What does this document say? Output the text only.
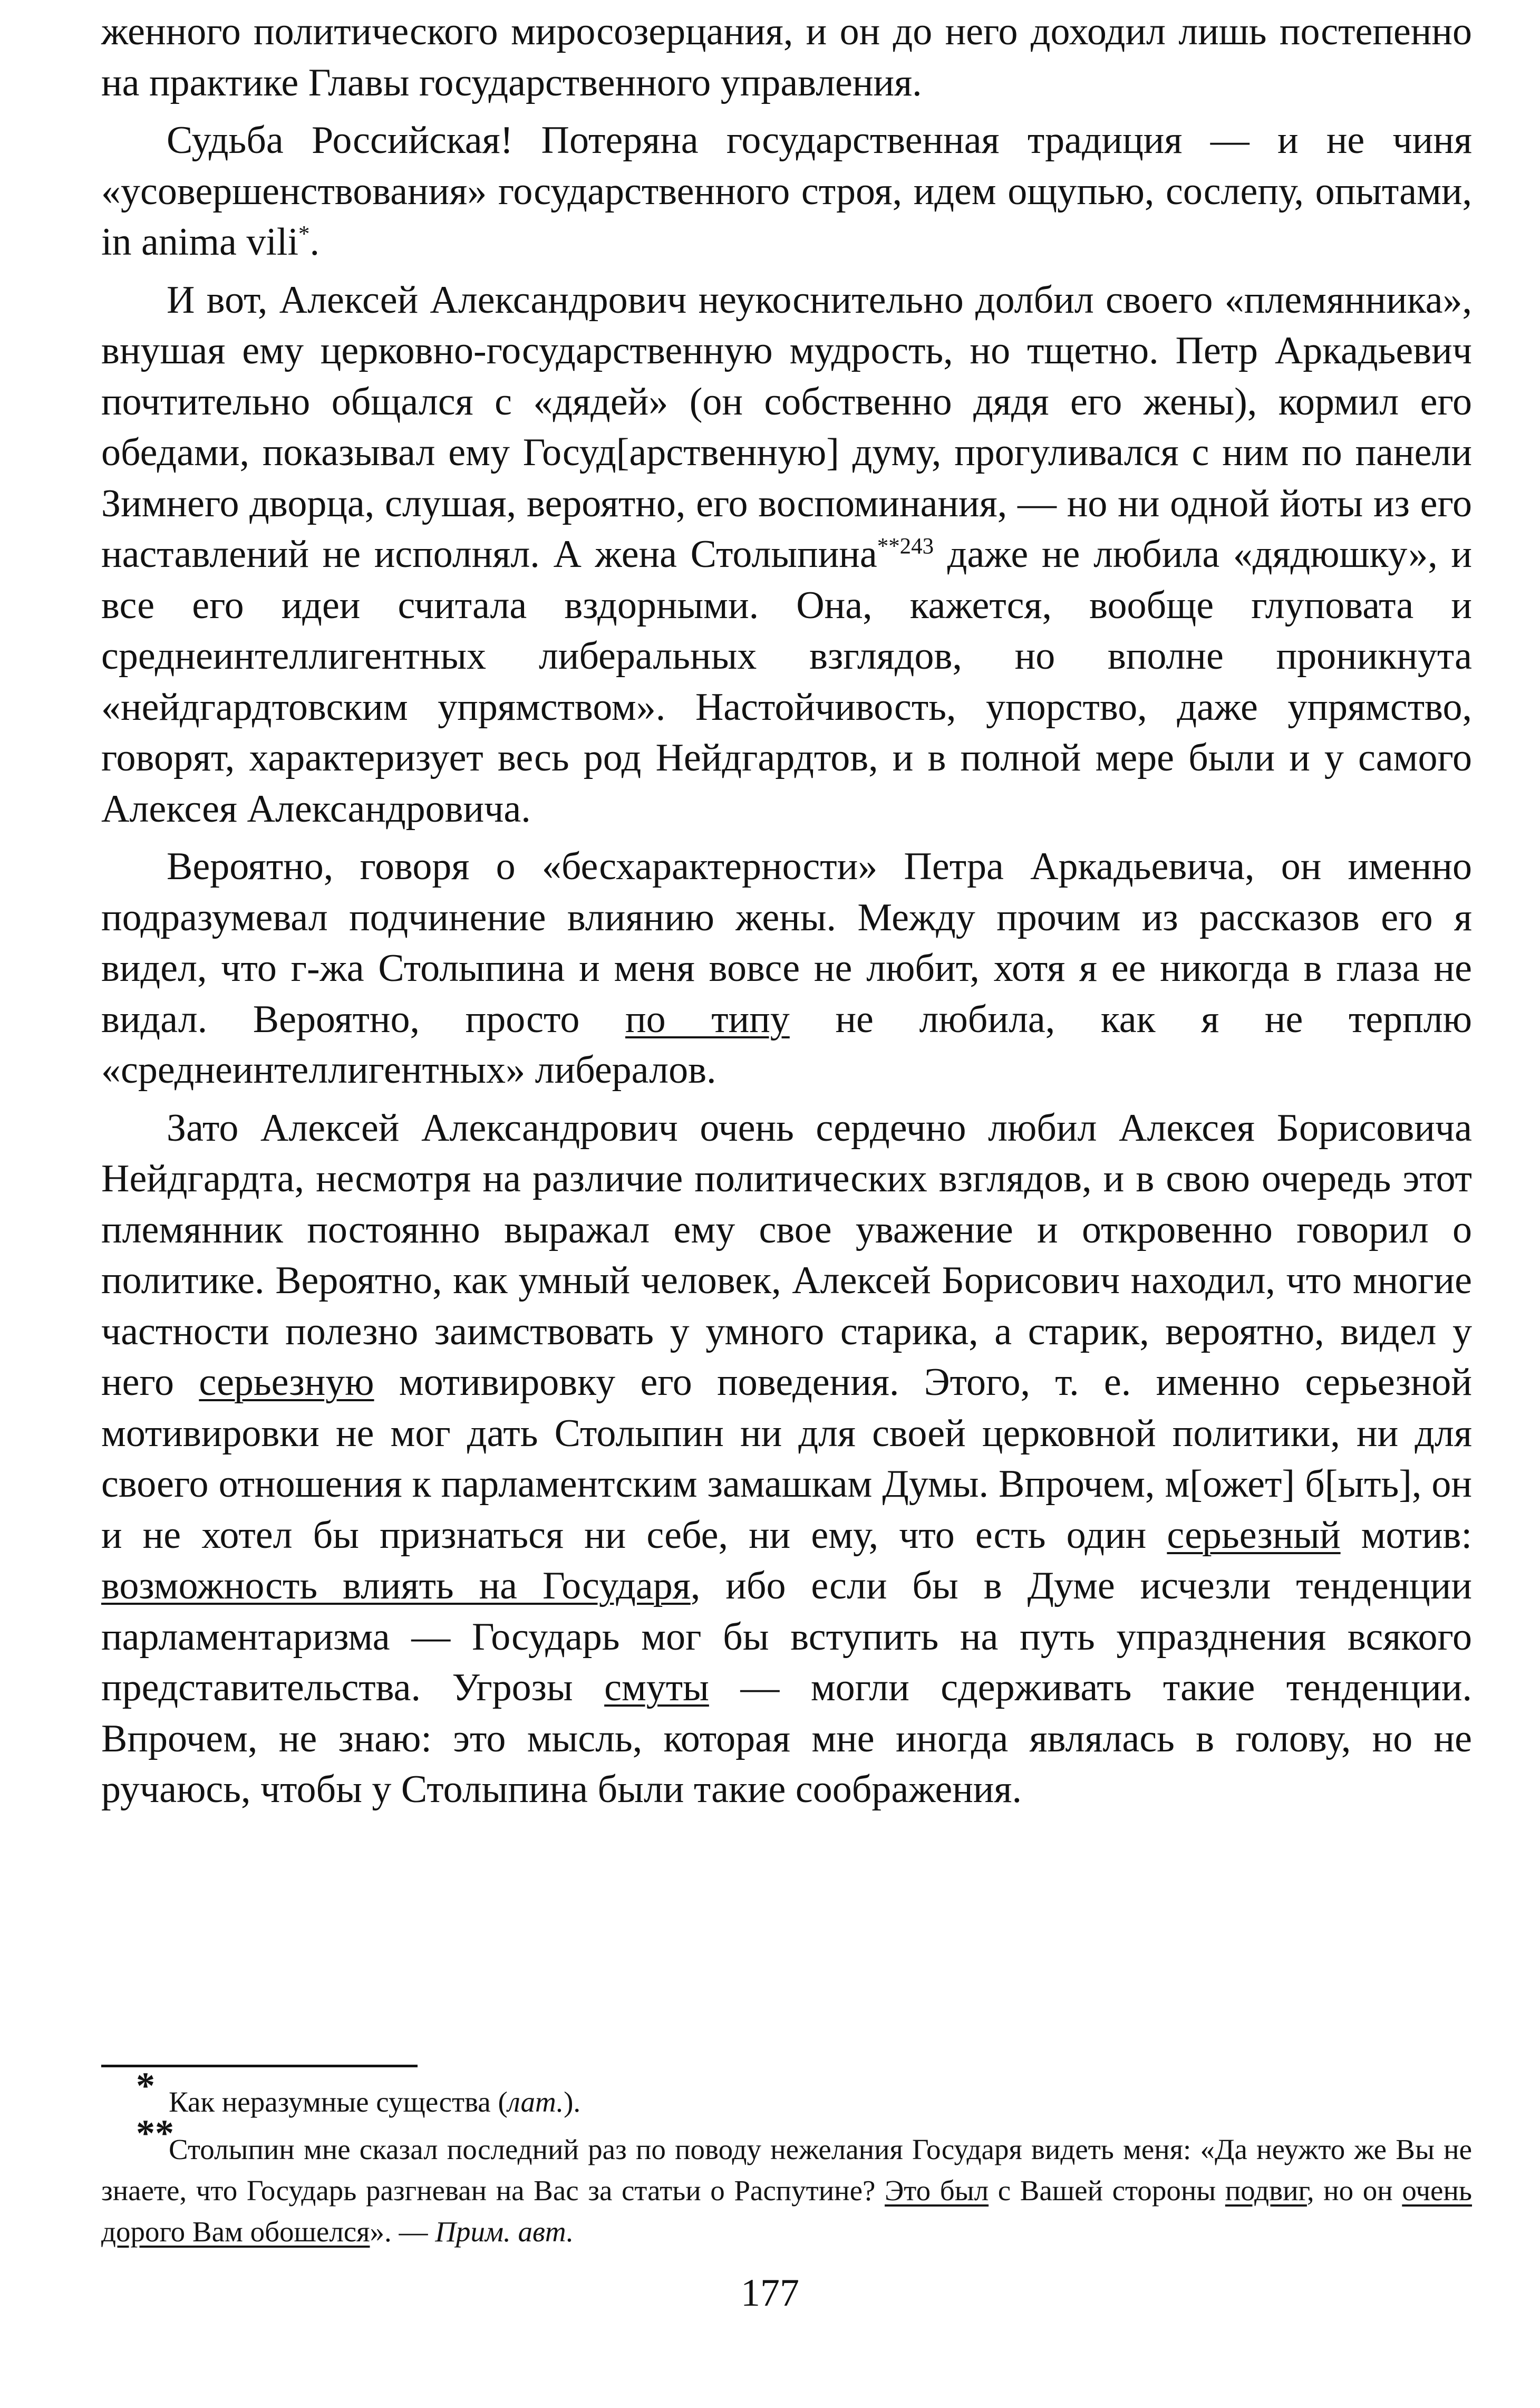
женного политического миросозерцания, и он до него доходил лишь постепенно на практике Главы государственного управления.

Судьба Российская! Потеряна государственная традиция — и не чиня «усовершенствования» государственного строя, идем ощупью, сослепу, опытами, in anima vili*.

И вот, Алексей Александрович неукоснительно долбил своего «племянника», внушая ему церковно-государственную мудрость, но тщетно. Петр Аркадьевич почтительно общался с «дядей» (он собственно дядя его жены), кормил его обедами, показывал ему Госуд[арственную] думу, прогуливался с ним по панели Зимнего дворца, слушая, вероятно, его воспоминания, — но ни одной йоты из его наставлений не исполнял. А жена Столыпина$^{**243}$ даже не любила «дядюшку», и все его идеи считала вздорными. Она, кажется, вообще глуповата и среднеинтеллигентных либеральных взглядов, но вполне проникнута «нейдгардтовским упрямством». Настойчивость, упорство, даже упрямство, говорят, характеризует весь род Нейдгардтов, и в полной мере были и у самого Алексея Александровича.

Вероятно, говоря о «бесхарактерности» Петра Аркадьевича, он именно подразумевал подчинение влиянию жены. Между прочим из рассказов его я видел, что г-жа Столыпина и меня вовсе не любит, хотя я ее никогда в глаза не видал. Вероятно, просто по типу не любила, как я не терплю «среднеинтеллигентных» либералов.

Зато Алексей Александрович очень сердечно любил Алексея Борисовича Нейдгардта, несмотря на различие политических взглядов, и в свою очередь этот племянник постоянно выражал ему свое уважение и откровенно говорил о политике. Вероятно, как умный человек, Алексей Борисович находил, что многие частности полезно заимствовать у умного старика, а старик, вероятно, видел у него серьезную мотивировку его поведения. Этого, т. е. именно серьезной мотивировки не мог дать Столыпин ни для своей церковной политики, ни для своего отношения к парламентским замашкам Думы. Впрочем, м[ожет] б[ыть], он и не хотел бы признаться ни себе, ни ему, что есть один серьезный мотив: возможность влиять на Государя, ибо если бы в Думе исчезли тенденции парламентаризма — Государь мог бы вступить на путь упразднения всякого представительства. Угрозы смуты — могли сдерживать такие тенденции. Впрочем, не знаю: это мысль, которая мне иногда являлась в голову, но не ручаюсь, чтобы у Столыпина были такие соображения.

* Как неразумные существа (лат.).

**Столыпин мне сказал последний раз по поводу нежелания Государя видеть меня: «Да неужто же Вы не знаете, что Государь разгневан на Вас за статьи о Распутине? Это был с Вашей стороны подвиг, но он очень дорого Вам обошелся». — Прим. авт.

177
